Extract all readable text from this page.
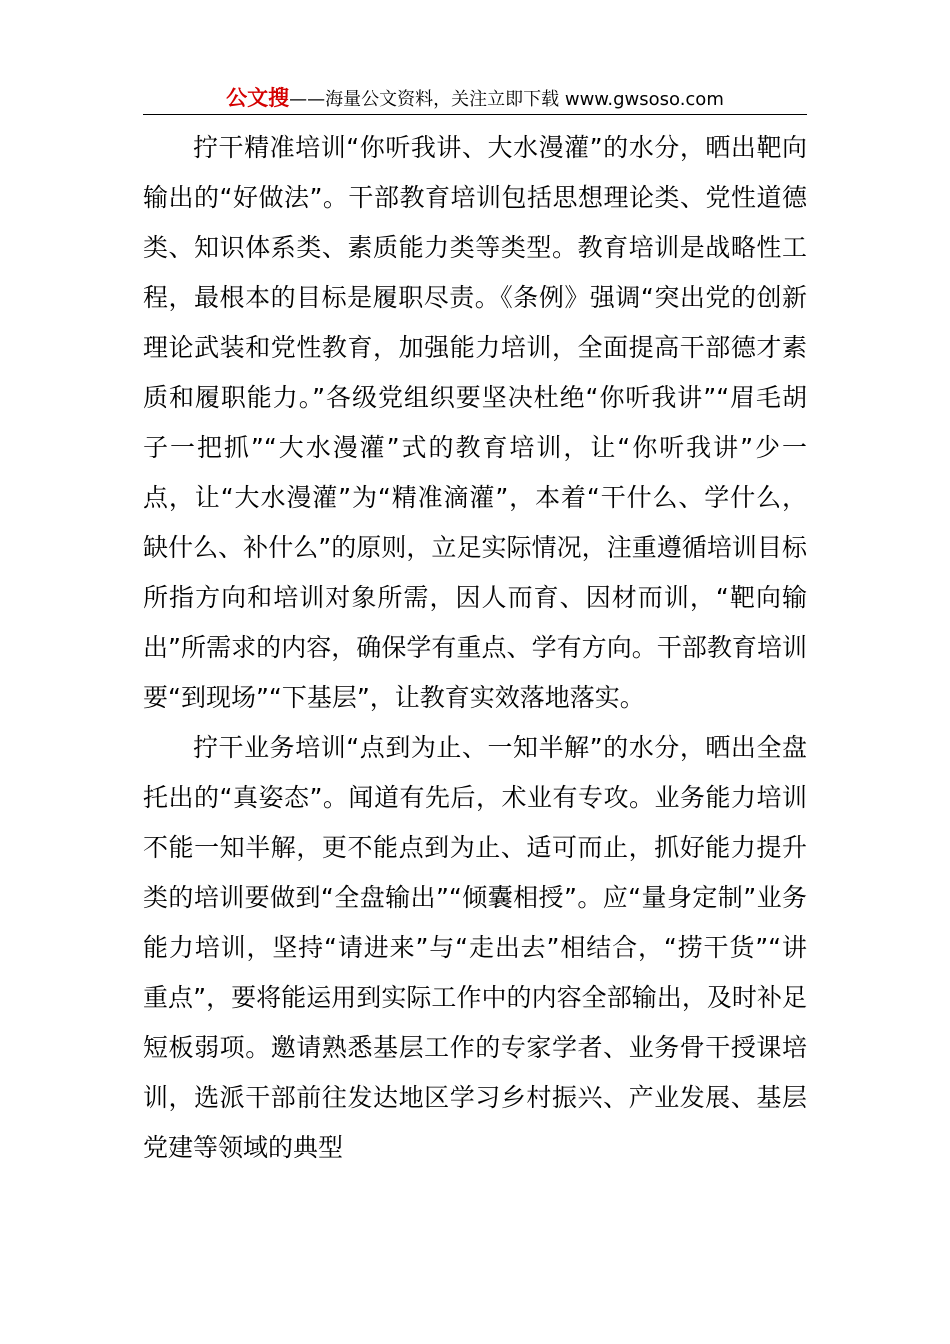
公文搜——海量公文资料，关注立即下载 www.gwsoso.com

拧干精准培训“你听我讲、大水漫灌”的水分，晒出靶向输出的“好做法”。干部教育培训包括思想理论类、党性道德类、知识体系类、素质能力类等类型。教育培训是战略性工程，最根本的目标是履职尽责。《条例》强调“突出党的创新理论武装和党性教育，加强能力培训，全面提高干部德才素质和履职能力。”各级党组织要坚决杜绝“你听我讲”“眉毛胡子一把抓”“大水漫灌”式的教育培训，让“你听我讲”少一点，让“大水漫灌”为“精准滴灌”，本着“干什么、学什么，缺什么、补什么”的原则，立足实际情况，注重遵循培训目标所指方向和培训对象所需，因人而育、因材而训，“靶向输出”所需求的内容，确保学有重点、学有方向。干部教育培训要“到现场”“下基层”，让教育实效落地落实。

拧干业务培训“点到为止、一知半解”的水分，晒出全盘托出的“真姿态”。闻道有先后，术业有专攻。业务能力培训不能一知半解，更不能点到为止、适可而止，抓好能力提升类的培训要做到“全盘输出”“倾囊相授”。应“量身定制”业务能力培训，坚持“请进来”与“走出去”相结合，“捞干货”“讲重点”，要将能运用到实际工作中的内容全部输出，及时补足短板弱项。邀请熟悉基层工作的专家学者、业务骨干授课培训，选派干部前往发达地区学习乡村振兴、产业发展、基层党建等领域的典型
